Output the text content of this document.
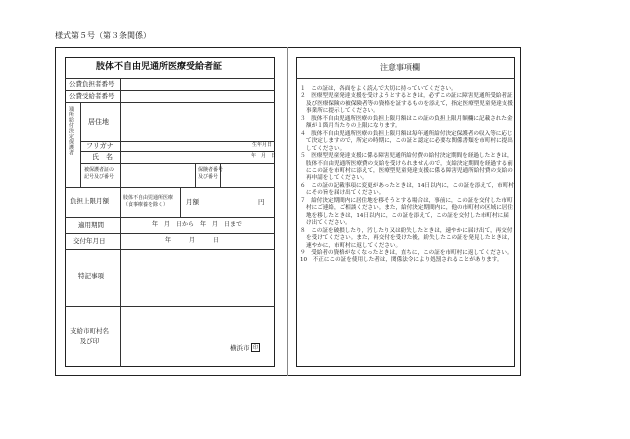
様式第５号（第３条関係）
肢体不自由児通所医療受給者証
公費負担者番号
公費受給者番号
通所給付決定保護者 居住地
フリガナ	生年月日
氏　名	年　月　日
被保護者証の
記号及び番号
保険者番号
及び番号
負担上限月額	肢体不自由児通所医療
（食事療養を除く）	月額	円
適用期間	年　月　日から　年　月　日まで
交付年月日	年　　　月　　　日
特記事項
支給市町村名
及び印
横浜市 印
注意事項欄

１　この証は，各面をよく読んで大切に持っていてください。

２　医療型児童発達支援を受けようとするときは，必ずこの証に障害児通所受給者証及び医療保険の被保険者等の資格を証するものを添えて，指定医療型児童発達支援事業所に提示してください。

３　肢体不自由児通所医療の負担上限月額はこの証の負担上限月額欄に記載された金額が１箇月当たりの上限になります。

４　肢体不自由児通所医療の負担上限月額は毎年通所給付決定保護者の収入等に応じて決定しますので，所定の時期に，この証と認定に必要な関係書類を市町村に提出してください。

５　医療型児童発達支援に係る障害児通所給付費の給付決定期間を経過したときは，肢体不自由児通所医療費の支給を受けられませんので，支給決定期間を経過する前にこの証を市町村に添えて，医療型児童発達支援に係る障害児通所給付費の支給の再申請をしてください。

６　この証の記載事項に変更があったときは，14日以内に，この証を添えて，市町村にその旨を届け出てください。

７　給付決定期間内に居住地を移そうとする場合は，事前に，この証を交付した市町村にご連絡，ご相談ください。また，給付決定期間内に，他の市町村の区域に居住地を移したときは，14日以内に，この証を添えて，この証を交付した市町村に届け出てください。

８　この証を破損したり，汚したり又は紛失したときは，速やかに届け出て，再交付を受けてください。また，再交付を受けた後，紛失したこの証を発見したときは，速やかに，市町村に返してください。

９　受給者の資格がなくなったときは，直ちに，この証を市町村に返してください。

10　不正にこの証を使用した者は，関係法令により処罰されることがあります。
